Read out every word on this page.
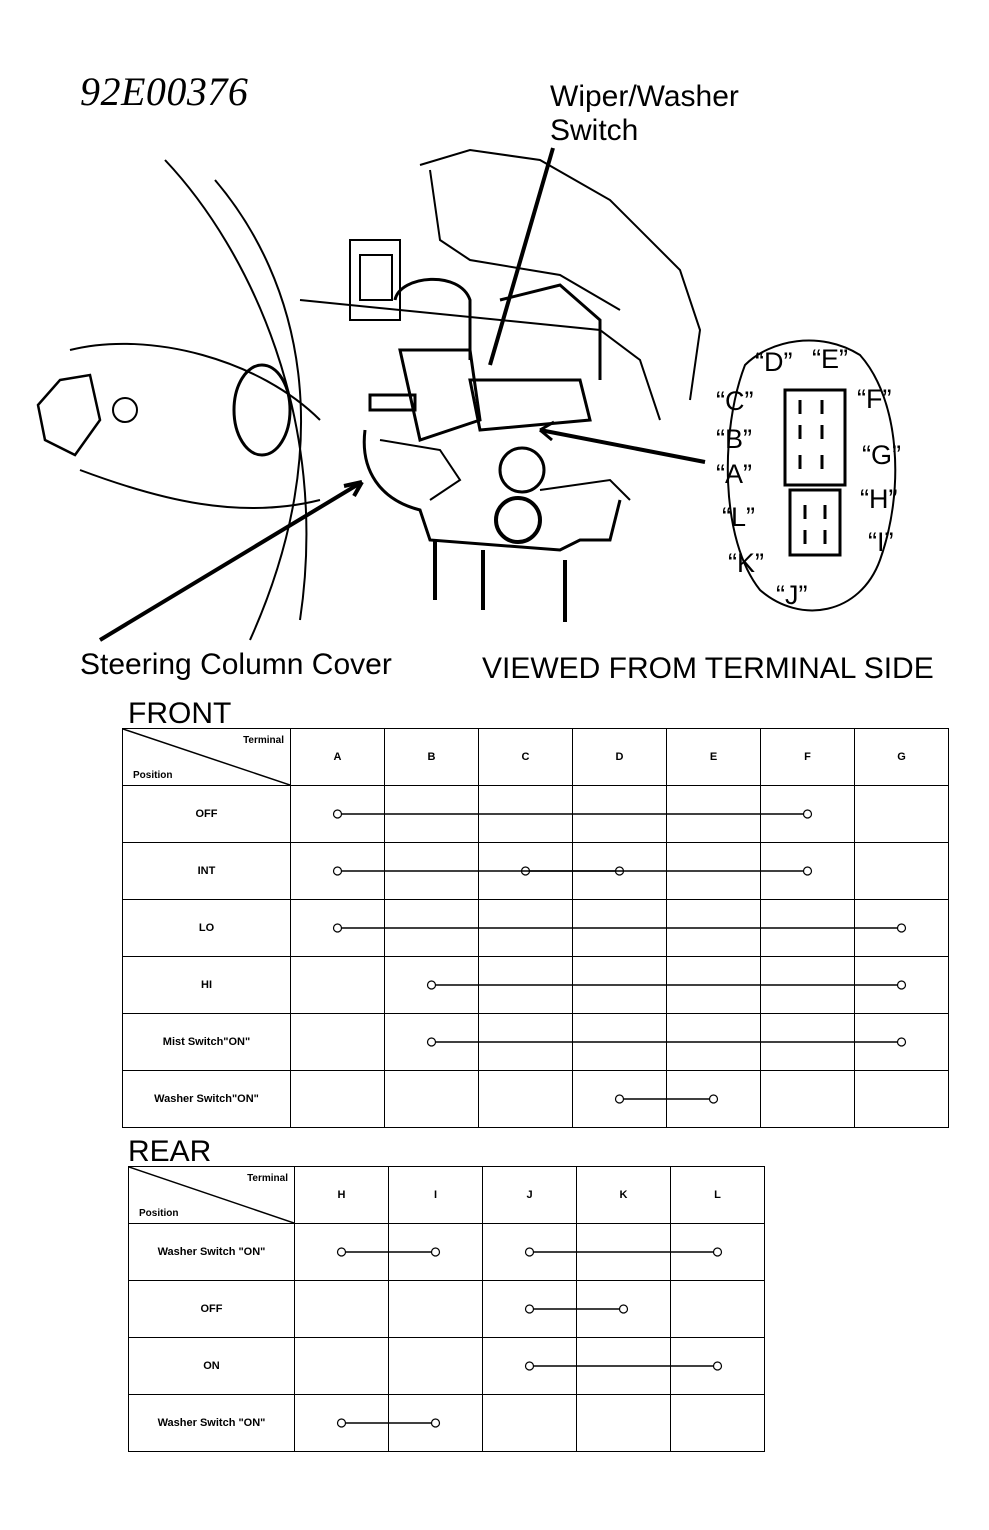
92E00376	Wiper/Washer
Switch
Steering Column Cover	VIEWED FROM TERMINAL SIDE
“D” “E”
“C”	“F”
“B”
“G”
“A”
“H”
“L”
“I”
“K”
“J”
FRONT
Terminal
Position	A	B	C	D	E	F	G
OFF							
INT							
LO							
HI							
Mist Switch"ON"							
Washer Switch"ON"							
REAR
Terminal
Position	H	I	J	K	L
Washer Switch "ON"					
OFF					
ON					
Washer Switch "ON"					
